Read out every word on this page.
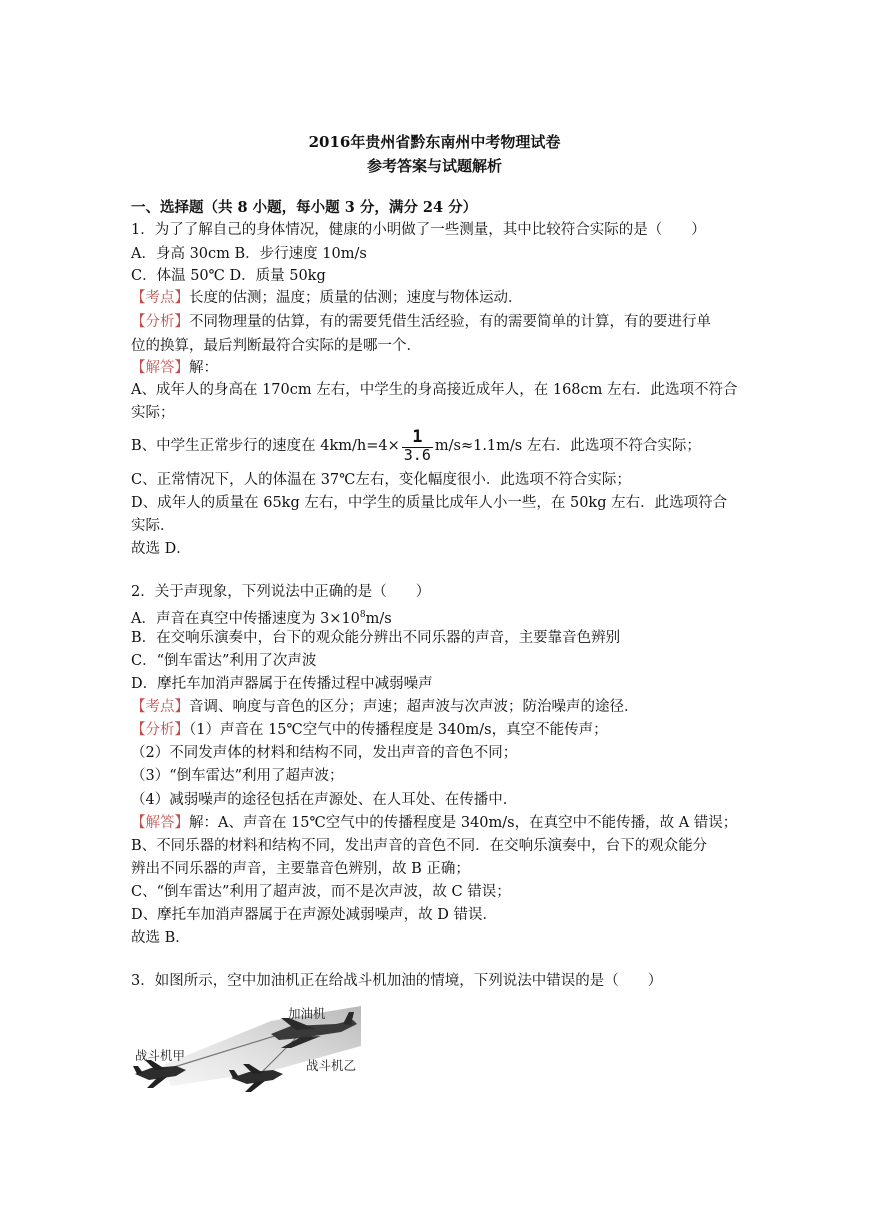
2016年贵州省黔东南州中考物理试卷
参考答案与试题解析
一、选择题（共 8 小题，每小题 3 分，满分 24 分）
1．为了了解自己的身体情况，健康的小明做了一些测量，其中比较符合实际的是（　　）
A．身高 30cm B．步行速度 10m/s
C．体温 50℃ D．质量 50kg
【考点】长度的估测；温度；质量的估测；速度与物体运动．
【分析】不同物理量的估算，有的需要凭借生活经验，有的需要简单的计算，有的要进行单
位的换算，最后判断最符合实际的是哪一个．
【解答】解：
A、成年人的身高在 170cm 左右，中学生的身高接近成年人，在 168cm 左右．此选项不符合
实际；
B、中学生正常步行的速度在 $4km/h=4\times \frac{1}{3.6} m/s\approx 1.1m/s$ 左右．此选项不符合实际；
C、正常情况下，人的体温在 37℃左右，变化幅度很小．此选项不符合实际；
D、成年人的质量在 65kg 左右，中学生的质量比成年人小一些，在 50kg 左右．此选项符合
实际．
故选 D．
2．关于声现象，下列说法中正确的是（　　）
A．声音在真空中传播速度为 $3\times 10^8m/s$
B．在交响乐演奏中，台下的观众能分辨出不同乐器的声音，主要靠音色辨别
C．“倒车雷达”利用了次声波
D．摩托车加消声器属于在传播过程中减弱噪声
【考点】音调、响度与音色的区分；声速；超声波与次声波；防治噪声的途径．
【分析】（1）声音在 15℃空气中的传播程度是 340m/s，真空不能传声；
（2）不同发声体的材料和结构不同，发出声音的音色不同；
（3）“倒车雷达”利用了超声波；
（4）减弱噪声的途径包括在声源处、在人耳处、在传播中．
【解答】解：A、声音在 15℃空气中的传播程度是 340m/s，在真空中不能传播，故 A 错误；
B、不同乐器的材料和结构不同，发出声音的音色不同．在交响乐演奏中，台下的观众能分
辨出不同乐器的声音，主要靠音色辨别，故 B 正确；
C、“倒车雷达”利用了超声波，而不是次声波，故 C 错误；
D、摩托车加消声器属于在声源处减弱噪声，故 D 错误．
故选 B．
3．如图所示，空中加油机正在给战斗机加油的情境，下列说法中错误的是（　　）
加油机
战斗机甲
战斗机乙
